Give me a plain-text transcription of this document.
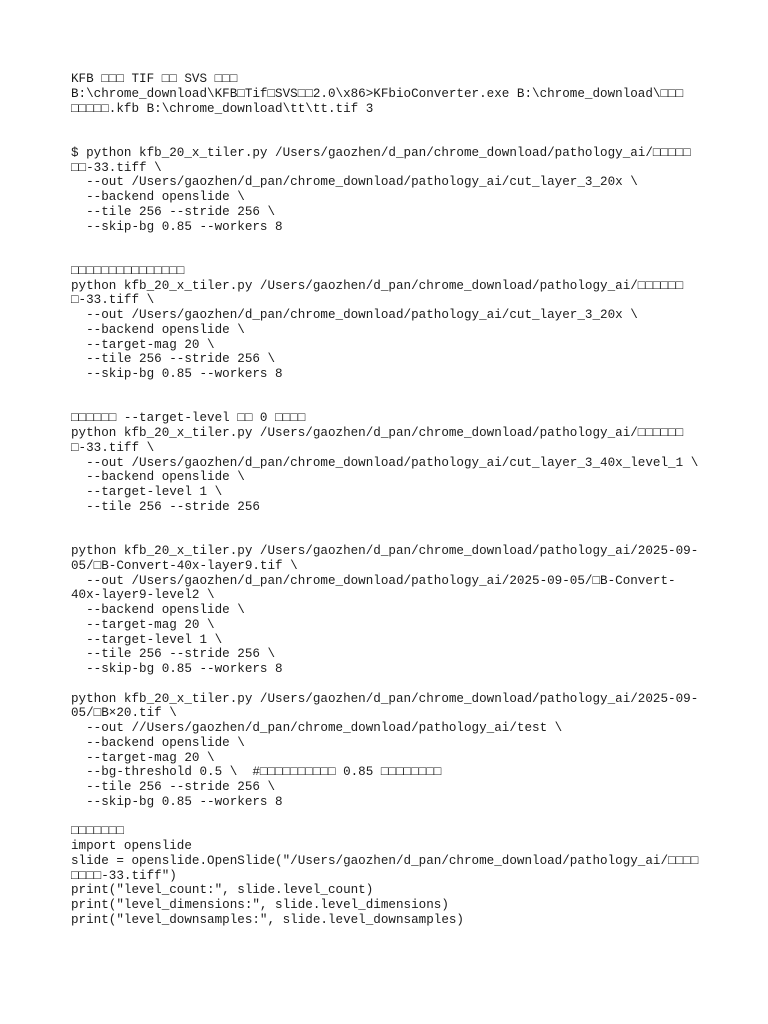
KFB □□□ TIF □□ SVS □□□
B:\chrome_download\KFB□Tif□SVS□□2.0\x86>KFbioConverter.exe B:\chrome_download\□□□
□□□□□.kfb B:\chrome_download\tt\tt.tif 3
$ python kfb_20_x_tiler.py /Users/gaozhen/d_pan/chrome_download/pathology_ai/□□□□□
□□-33.tiff \
--out /Users/gaozhen/d_pan/chrome_download/pathology_ai/cut_layer_3_20x \
--backend openslide \
--tile 256 --stride 256 \
--skip-bg 0.85 --workers 8
□□□□□□□□□□□□□□□
python kfb_20_x_tiler.py /Users/gaozhen/d_pan/chrome_download/pathology_ai/□□□□□□
□-33.tiff \
--out /Users/gaozhen/d_pan/chrome_download/pathology_ai/cut_layer_3_20x \
--backend openslide \
--target-mag 20 \
--tile 256 --stride 256 \
--skip-bg 0.85 --workers 8
□□□□□□ --target-level □□ 0 □□□□
python kfb_20_x_tiler.py /Users/gaozhen/d_pan/chrome_download/pathology_ai/□□□□□□
□-33.tiff \
--out /Users/gaozhen/d_pan/chrome_download/pathology_ai/cut_layer_3_40x_level_1 \
--backend openslide \
--target-level 1 \
--tile 256 --stride 256
python kfb_20_x_tiler.py /Users/gaozhen/d_pan/chrome_download/pathology_ai/2025-09-
05/□B-Convert-40x-layer9.tif \
--out /Users/gaozhen/d_pan/chrome_download/pathology_ai/2025-09-05/□B-Convert-
40x-layer9-level2 \
--backend openslide \
--target-mag 20 \
--target-level 1 \
--tile 256 --stride 256 \
--skip-bg 0.85 --workers 8
python kfb_20_x_tiler.py /Users/gaozhen/d_pan/chrome_download/pathology_ai/2025-09-
05/□B×20.tif \
--out //Users/gaozhen/d_pan/chrome_download/pathology_ai/test \
--backend openslide \
--target-mag 20 \
--bg-threshold 0.5 \  #□□□□□□□□□□ 0.85 □□□□□□□□
--tile 256 --stride 256 \
--skip-bg 0.85 --workers 8
□□□□□□□
import openslide
slide = openslide.OpenSlide("/Users/gaozhen/d_pan/chrome_download/pathology_ai/□□□□
□□□□-33.tiff")
print("level_count:", slide.level_count)
print("level_dimensions:", slide.level_dimensions)
print("level_downsamples:", slide.level_downsamples)
